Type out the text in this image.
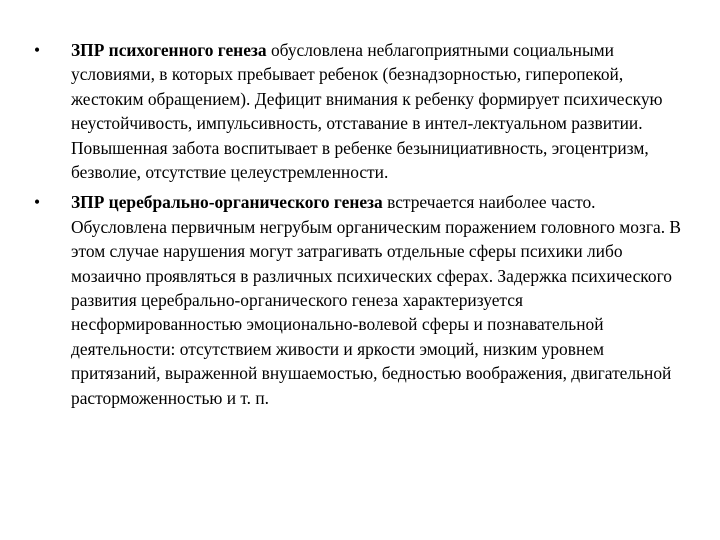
•	ЗПР психогенного генеза обусловлена неблагоприятными социальными условиями, в которых пребывает ребенок (безнадзорностью, гиперопекой, жестоким обращением). Дефицит внимания к ребенку формирует психическую неустойчивость, импульсивность, отставание в интел-лектуальном развитии. Повышенная забота воспитывает в ребенке безынициативность, эгоцентризм, безволие, отсутствие целеустремленности.
•	ЗПР церебрально-органического генеза встречается наиболее часто. Обусловлена первичным негрубым органическим поражением головного мозга. В этом случае нарушения могут затрагивать отдельные сферы психики либо мозаично проявляться в различных психических сферах. Задержка психического развития церебрально-органического генеза характеризуется несформированностью эмоционально-волевой сферы и познавательной деятельности: отсутствием живости и яркости эмоций, низким уровнем притязаний, выраженной внушаемостью, бедностью воображения, двигательной расторможенностью и т. п.
